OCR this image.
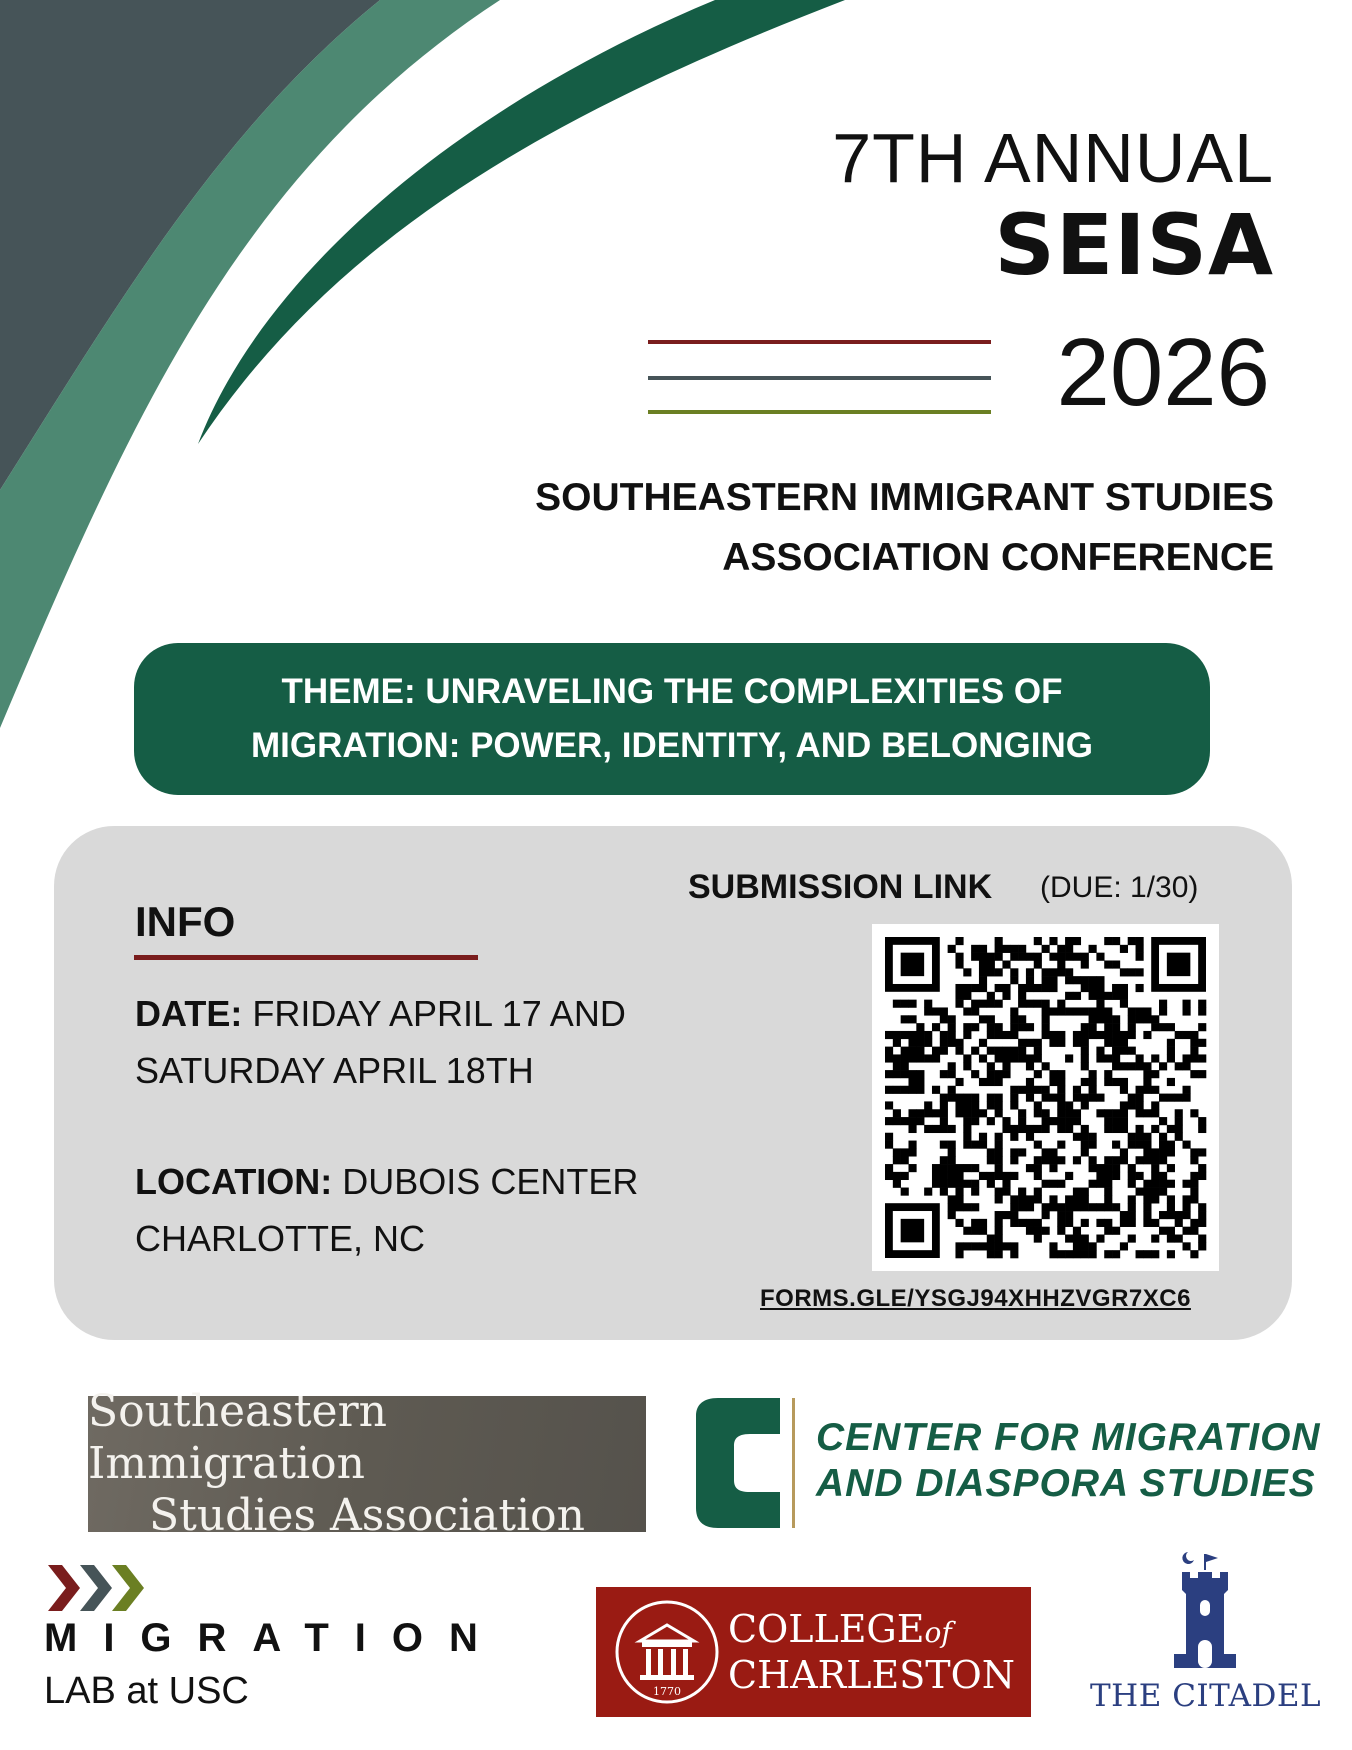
7TH ANNUAL
SEISA
2026
SOUTHEASTERN IMMIGRANT STUDIES
ASSOCIATION CONFERENCE
THEME: UNRAVELING THE COMPLEXITIES OF
MIGRATION: POWER, IDENTITY, AND BELONGING
INFO
DATE: FRIDAY APRIL 17 AND
SATURDAY APRIL 18TH
LOCATION: DUBOIS CENTER
CHARLOTTE, NC
SUBMISSION LINK (DUE: 1/30)
FORMS.GLE/YSGJ94XHHZVGR7XC6
Southeastern Immigration
Studies Association
CENTER FOR MIGRATION
AND DIASPORA STUDIES
MIGRATION
LAB at USC	1770
COLLEGEof
CHARLESTON THE CITADEL
